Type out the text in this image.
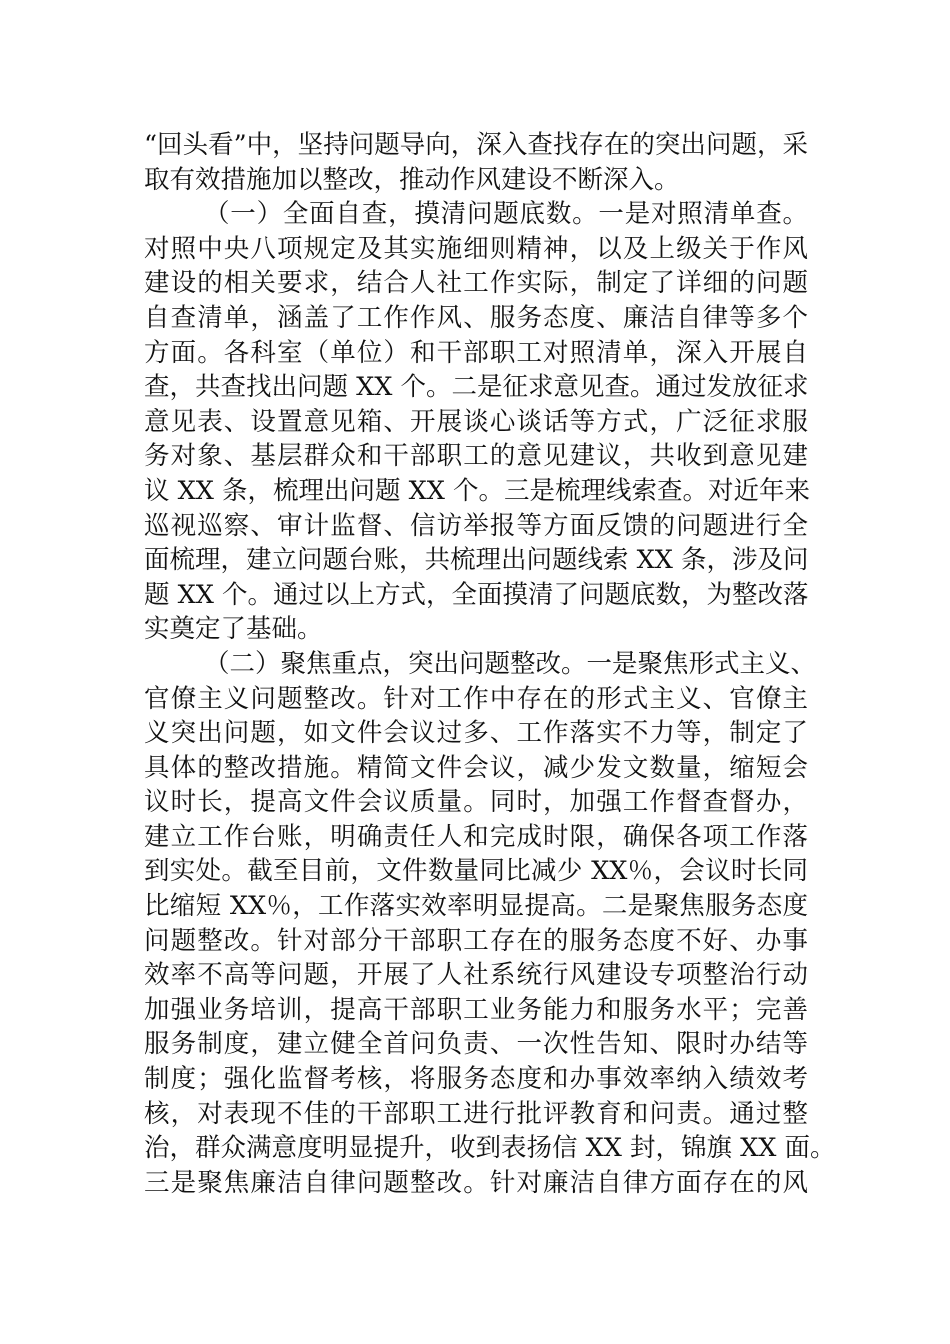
“回头看”中，坚持问题导向，深入查找存在的突出问题，采
取有效措施加以整改，推动作风建设不断深入。
（一）全面自查，摸清问题底数。一是对照清单查。
对照中央八项规定及其实施细则精神，以及上级关于作风
建设的相关要求，结合人社工作实际，制定了详细的问题
自查清单，涵盖了工作作风、服务态度、廉洁自律等多个
方面。各科室（单位）和干部职工对照清单，深入开展自
查，共查找出问题 XX 个。二是征求意见查。通过发放征求
意见表、设置意见箱、开展谈心谈话等方式，广泛征求服
务对象、基层群众和干部职工的意见建议，共收到意见建
议 XX 条，梳理出问题 XX 个。三是梳理线索查。对近年来
巡视巡察、审计监督、信访举报等方面反馈的问题进行全
面梳理，建立问题台账，共梳理出问题线索 XX 条，涉及问
题 XX 个。通过以上方式，全面摸清了问题底数，为整改落
实奠定了基础。
（二）聚焦重点，突出问题整改。一是聚焦形式主义、
官僚主义问题整改。针对工作中存在的形式主义、官僚主
义突出问题，如文件会议过多、工作落实不力等，制定了
具体的整改措施。精简文件会议，减少发文数量，缩短会
议时长，提高文件会议质量。同时，加强工作督查督办，
建立工作台账，明确责任人和完成时限，确保各项工作落
到实处。截至目前，文件数量同比减少 XX％，会议时长同
比缩短 XX％，工作落实效率明显提高。二是聚焦服务态度
问题整改。针对部分干部职工存在的服务态度不好、办事
效率不高等问题，开展了人社系统行风建设专项整治行动
加强业务培训，提高干部职工业务能力和服务水平；完善
服务制度，建立健全首问负责、一次性告知、限时办结等
制度；强化监督考核，将服务态度和办事效率纳入绩效考
核，对表现不佳的干部职工进行批评教育和问责。通过整
治，群众满意度明显提升，收到表扬信 XX 封，锦旗 XX 面。
三是聚焦廉洁自律问题整改。针对廉洁自律方面存在的风
